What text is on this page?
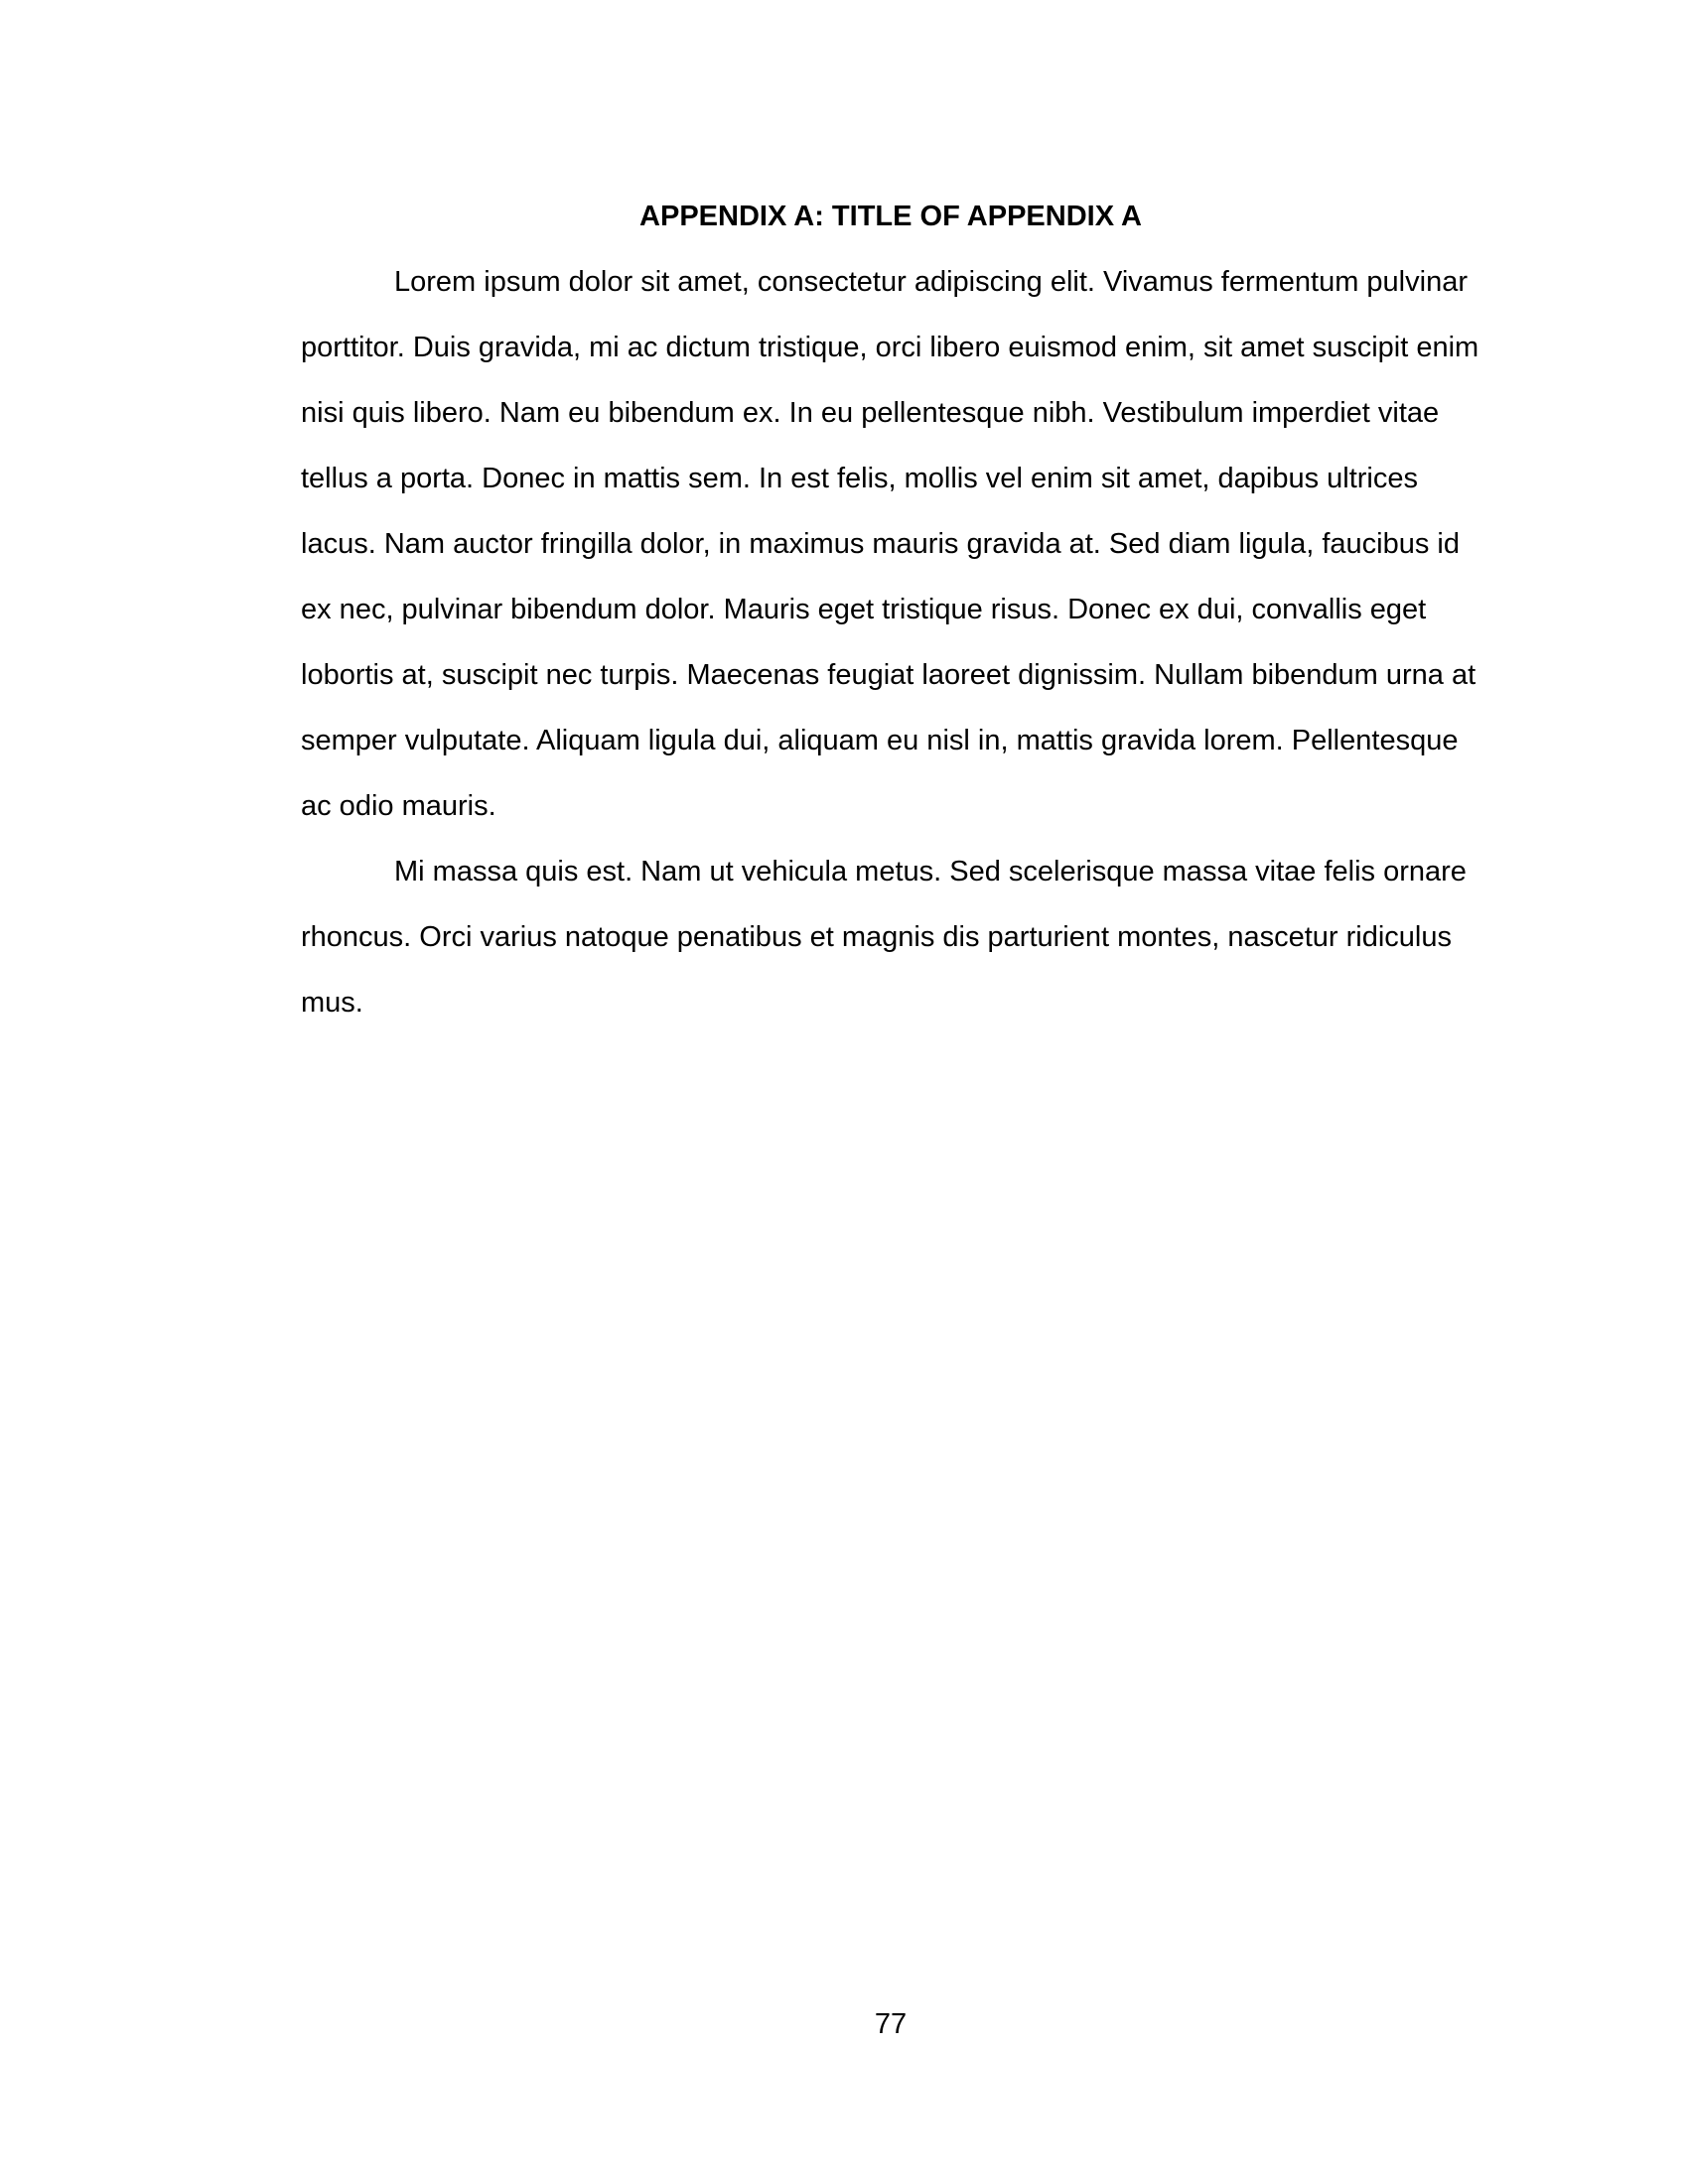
APPENDIX A: TITLE OF APPENDIX A
Lorem ipsum dolor sit amet, consectetur adipiscing elit. Vivamus fermentum pulvinar
porttitor. Duis gravida, mi ac dictum tristique, orci libero euismod enim, sit amet suscipit enim
nisi quis libero. Nam eu bibendum ex. In eu pellentesque nibh. Vestibulum imperdiet vitae
tellus a porta. Donec in mattis sem. In est felis, mollis vel enim sit amet, dapibus ultrices
lacus. Nam auctor fringilla dolor, in maximus mauris gravida at. Sed diam ligula, faucibus id
ex nec, pulvinar bibendum dolor. Mauris eget tristique risus. Donec ex dui, convallis eget
lobortis at, suscipit nec turpis. Maecenas feugiat laoreet dignissim. Nullam bibendum urna at
semper vulputate. Aliquam ligula dui, aliquam eu nisl in, mattis gravida lorem. Pellentesque
ac odio mauris.
Mi massa quis est. Nam ut vehicula metus. Sed scelerisque massa vitae felis ornare
rhoncus. Orci varius natoque penatibus et magnis dis parturient montes, nascetur ridiculus
mus.
77
